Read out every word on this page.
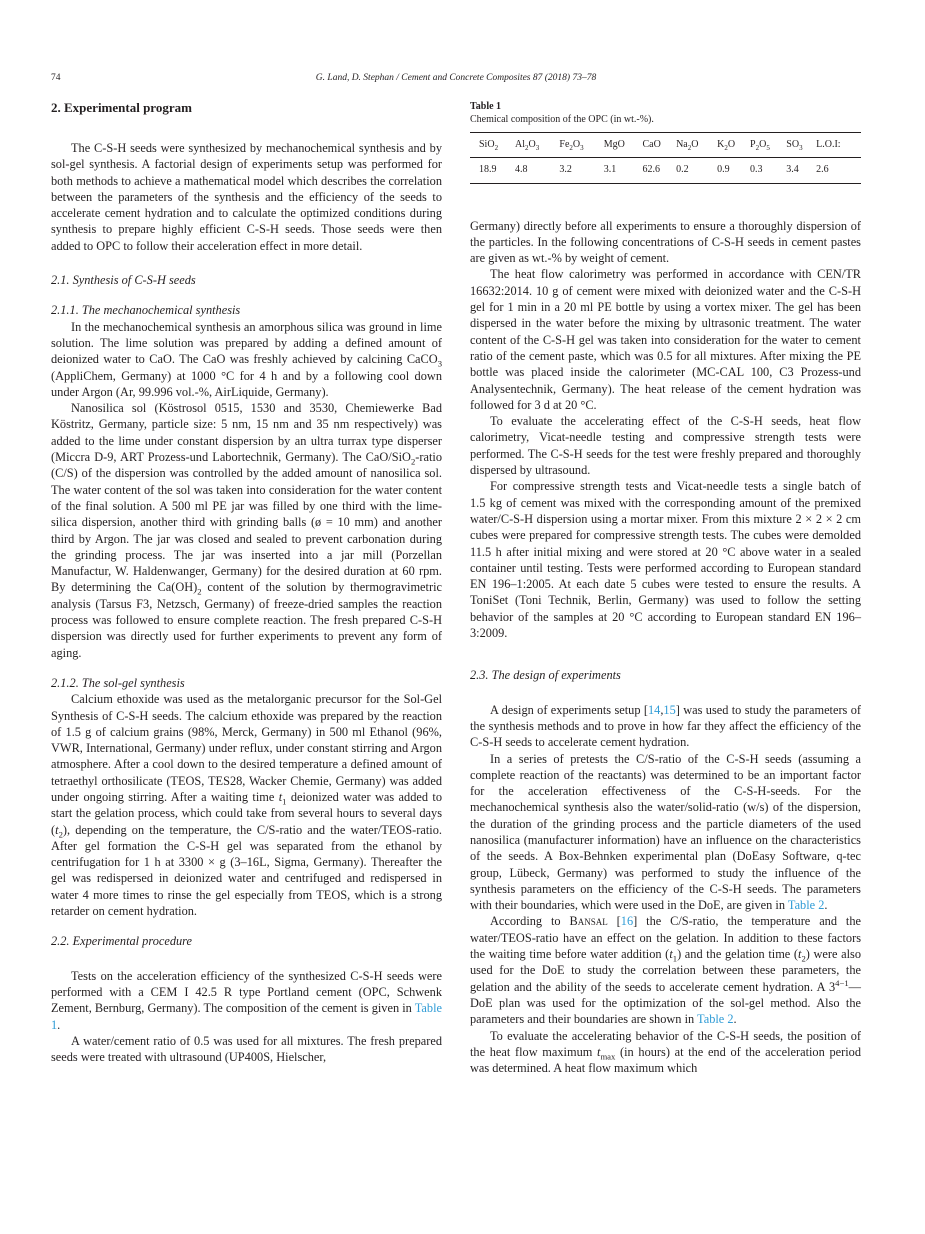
74	G. Land, D. Stephan / Cement and Concrete Composites 87 (2018) 73–78
2. Experimental program

The C-S-H seeds were synthesized by mechanochemical synthesis and by sol-gel synthesis. A factorial design of experiments setup was performed for both methods to achieve a mathematical model which describes the correlation between the parameters of the synthesis and the efficiency of the seeds to accelerate cement hydration and to calculate the optimized conditions during synthesis to prepare highly efficient C-S-H seeds. Those seeds were then added to OPC to follow their acceleration effect in more detail.

2.1. Synthesis of C-S-H seeds
2.1.1. The mechanochemical synthesis

In the mechanochemical synthesis an amorphous silica was ground in lime solution. The lime solution was prepared by adding a defined amount of deionized water to CaO. The CaO was freshly achieved by calcining CaCO$_3$ (AppliChem, Germany) at 1000 °C for 4 h and by a following cool down under Argon (Ar, 99.996 vol.-%, AirLiquide, Germany).

Nanosilica sol (Köstrosol 0515, 1530 and 3530, Chemiewerke Bad Köstritz, Germany, particle size: 5 nm, 15 nm and 35 nm respectively) was added to the lime under constant dispersion by an ultra turrax type disperser (Miccra D-9, ART Prozess-und Labortechnik, Germany). The CaO/SiO$_2$-ratio (C/S) of the dispersion was controlled by the added amount of nanosilica sol. The water content of the sol was taken into consideration for the water content of the final solution. A 500 ml PE jar was filled by one third with the lime-silica dispersion, another third with grinding balls (ø = 10 mm) and another third by Argon. The jar was closed and sealed to prevent carbonation during the grinding process. The jar was inserted into a jar mill (Porzellan Manufactur, W. Haldenwanger, Germany) for the desired duration at 60 rpm. By determining the $Ca(OH)_2$ content of the solution by thermogravimetric analysis (Tarsus F3, Netzsch, Germany) of freeze-dried samples the reaction process was followed to ensure complete reaction. The fresh prepared C-S-H dispersion was directly used for further experiments to prevent any form of aging.

2.1.2. The sol-gel synthesis

Calcium ethoxide was used as the metalorganic precursor for the Sol-Gel Synthesis of C-S-H seeds. The calcium ethoxide was prepared by the reaction of 1.5 g of calcium grains (98%, Merck, Germany) in 500 ml Ethanol (96%, VWR, International, Germany) under reflux, under constant stirring and Argon atmosphere. After a cool down to the desired temperature a defined amount of tetraethyl orthosilicate (TEOS, TES28, Wacker Chemie, Germany) was added under ongoing stirring. After a waiting time $t_1$ deionized water was added to start the gelation process, which could take from several hours to several days $(t_2)$, depending on the temperature, the C/S-ratio and the water/TEOS-ratio. After gel formation the C-S-H gel was separated from the ethanol by centrifugation for 1 h at 3300 × g (3–16L, Sigma, Germany). Thereafter the gel was redispersed in deionized water and centrifuged and redispersed in water 4 more times to rinse the gel especially from TEOS, which is a strong retarder on cement hydration.

2.2. Experimental procedure

Tests on the acceleration efficiency of the synthesized C-S-H seeds were performed with a CEM I 42.5 R type Portland cement (OPC, Schwenk Zement, Bernburg, Germany). The composition of the cement is given in Table 1.

A water/cement ratio of 0.5 was used for all mixtures. The fresh prepared seeds were treated with ultrasound (UP400S, Hielscher,

Table 1
Chemical composition of the OPC (in wt.-%).
SiO$_2$	$Al_2O_3$	$Fe_2O_3$	MgO	CaO	$Na_2O$	$K_2O$	$P_2O_5$	$SO_3$	L.O.I:
18.9	4.8	3.2	3.1	62.6	0.2	0.9	0.3	3.4	2.6

Germany) directly before all experiments to ensure a thoroughly dispersion of the particles. In the following concentrations of C-S-H seeds in cement pastes are given as wt.-% by weight of cement.

The heat flow calorimetry was performed in accordance with CEN/TR 16632:2014. 10 g of cement were mixed with deionized water and the C-S-H gel for 1 min in a 20 ml PE bottle by using a vortex mixer. The gel has been dispersed in the water before the mixing by ultrasonic treatment. The water content of the C-S-H gel was taken into consideration for the water to cement ratio of the cement paste, which was 0.5 for all mixtures. After mixing the PE bottle was placed inside the calorimeter (MC-CAL 100, C3 Prozess-und Analysentechnik, Germany). The heat release of the cement hydration was followed for 3 d at 20 °C.

To evaluate the accelerating effect of the C-S-H seeds, heat flow calorimetry, Vicat-needle testing and compressive strength tests were performed. The C-S-H seeds for the test were freshly prepared and thoroughly dispersed by ultrasound.

For compressive strength tests and Vicat-needle tests a single batch of 1.5 kg of cement was mixed with the corresponding amount of the premixed water/C-S-H dispersion using a mortar mixer. From this mixture 2 × 2 × 2 cm cubes were prepared for compressive strength tests. The cubes were demolded 11.5 h after initial mixing and were stored at 20 °C above water in a sealed container until testing. Tests were performed according to European standard EN 196–1:2005. At each date 5 cubes were tested to ensure the results. A ToniSet (Toni Technik, Berlin, Germany) was used to follow the setting behavior of the samples at 20 °C according to European standard EN 196–3:2009.

2.3. The design of experiments

A design of experiments setup [14,15] was used to study the parameters of the synthesis methods and to prove in how far they affect the efficiency of the C-S-H seeds to accelerate cement hydration.

In a series of pretests the C/S-ratio of the C-S-H seeds (assuming a complete reaction of the reactants) was determined to be an important factor for the acceleration effectiveness of the C-S-H-seeds. For the mechanochemical synthesis also the water/solid-ratio (w/s) of the dispersion, the duration of the grinding process and the particle diameters of the used nanosilica (manufacturer information) have an influence on the characteristics of the seeds. A Box-Behnken experimental plan (DoEasy Software, q-tec group, Lübeck, Germany) was performed to study the influence of the synthesis parameters on the efficiency of the C-S-H seeds. The parameters with their boundaries, which were used in the DoE, are given in Table 2.

According to Bansal [16] the C/S-ratio, the temperature and the water/TEOS-ratio have an effect on the gelation. In addition to these factors the waiting time before water addition $(t_1)$ and the gelation time $(t_2)$ were also used for the DoE to study the correlation between these parameters, the gelation and the ability of the seeds to accelerate cement hydration. A $3^{4-1}—DoE$ plan was used for the optimization of the sol-gel method. Also the parameters and their boundaries are shown in Table 2.

To evaluate the accelerating behavior of the C-S-H seeds, the position of the heat flow maximum $t_{max}$ (in hours) at the end of the acceleration period was determined. A heat flow maximum which
